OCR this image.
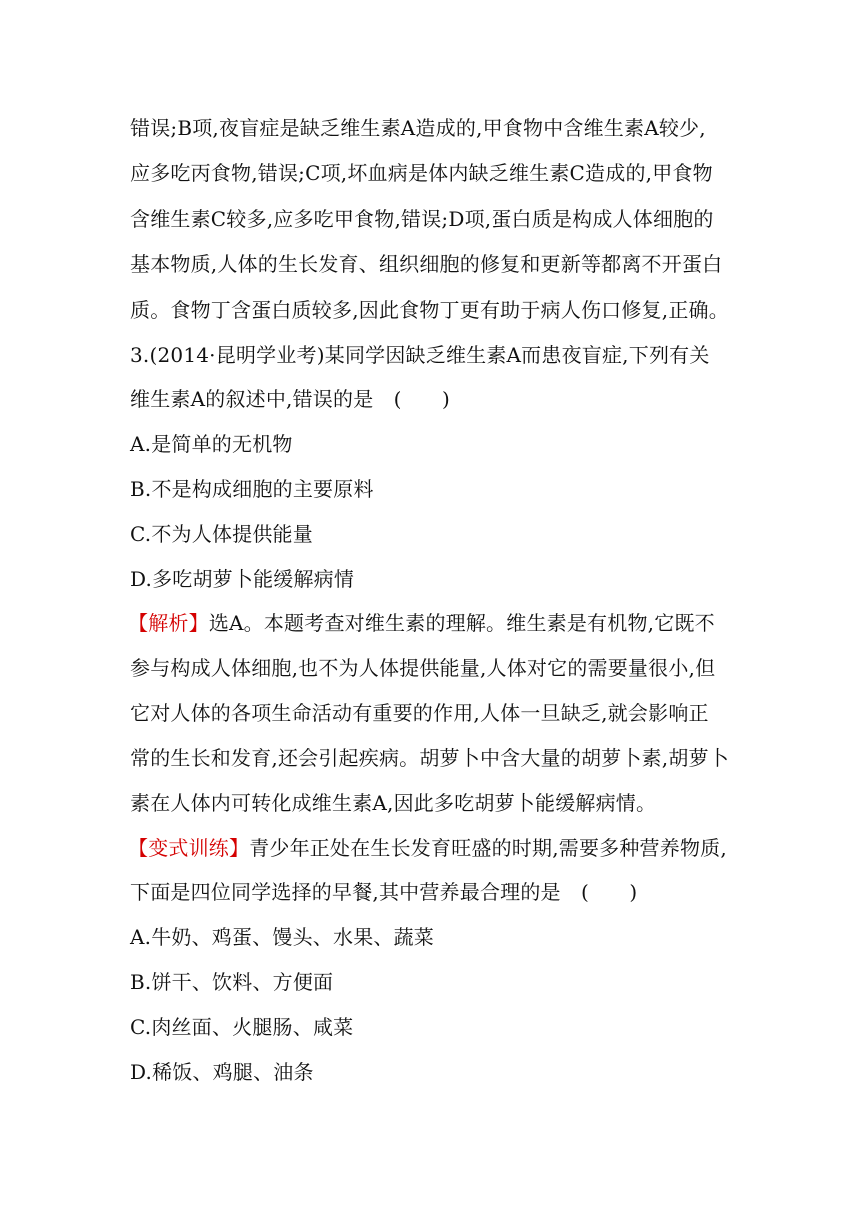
错误;B项,夜盲症是缺乏维生素A造成的,甲食物中含维生素A较少,
应多吃丙食物,错误;C项,坏血病是体内缺乏维生素C造成的,甲食物
含维生素C较多,应多吃甲食物,错误;D项,蛋白质是构成人体细胞的
基本物质,人体的生长发育、组织细胞的修复和更新等都离不开蛋白
质。食物丁含蛋白质较多,因此食物丁更有助于病人伤口修复,正确。
3.(2014·昆明学业考)某同学因缺乏维生素A而患夜盲症,下列有关
维生素A的叙述中,错误的是　(　　)
A.是简单的无机物
B.不是构成细胞的主要原料
C.不为人体提供能量
D.多吃胡萝卜能缓解病情
【解析】选A。本题考查对维生素的理解。维生素是有机物,它既不
参与构成人体细胞,也不为人体提供能量,人体对它的需要量很小,但
它对人体的各项生命活动有重要的作用,人体一旦缺乏,就会影响正
常的生长和发育,还会引起疾病。胡萝卜中含大量的胡萝卜素,胡萝卜
素在人体内可转化成维生素A,因此多吃胡萝卜能缓解病情。
【变式训练】青少年正处在生长发育旺盛的时期,需要多种营养物质,
下面是四位同学选择的早餐,其中营养最合理的是　(　　)
A.牛奶、鸡蛋、馒头、水果、蔬菜
B.饼干、饮料、方便面
C.肉丝面、火腿肠、咸菜
D.稀饭、鸡腿、油条
